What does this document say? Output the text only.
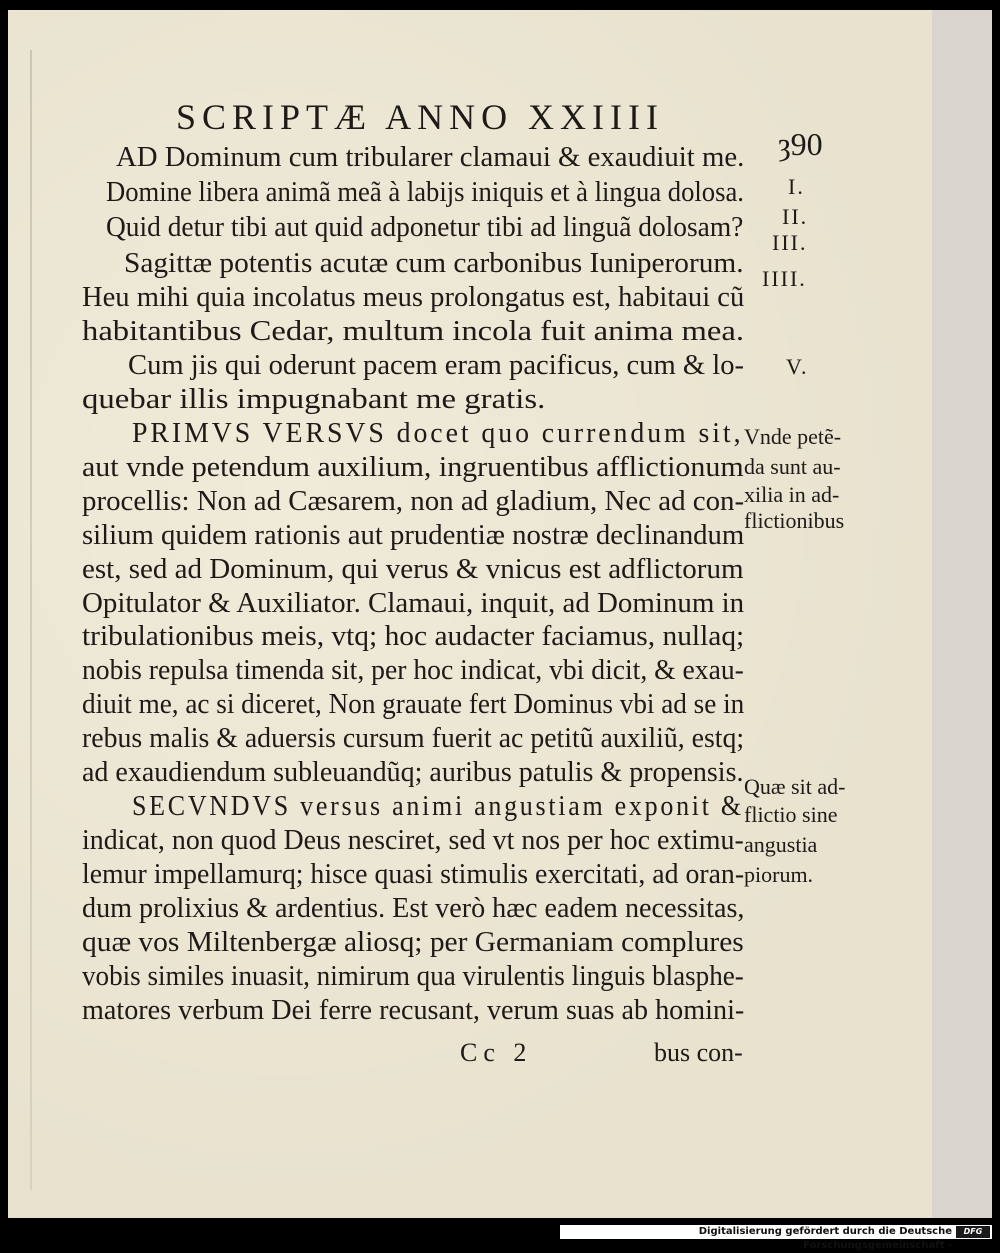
SCRIPTÆ ANNO XXIIII
ȝ90
AD Dominum cum tribularer clamaui & exaudiuit me.
Domine libera animã meã à labijs iniquis et à lingua dolosa.
Quid detur tibi aut quid adponetur tibi ad linguã dolosam?
Sagittæ potentis acutæ cum carbonibus Iuniperorum.
Heu mihi quia incolatus meus prolongatus est, habitaui cũ
habitantibus Cedar, multum incola fuit anima mea.
Cum jis qui oderunt pacem eram pacificus, cum & lo-
quebar illis impugnabant me gratis.
PRIMVS VERSVS docet quo currendum sit,
aut vnde petendum auxilium, ingruentibus afflictionum
procellis: Non ad Cæsarem, non ad gladium, Nec ad con-
silium quidem rationis aut prudentiæ nostræ declinandum
est, sed ad Dominum, qui verus & vnicus est adflictorum
Opitulator & Auxiliator. Clamaui, inquit, ad Dominum in
tribulationibus meis, vtq; hoc audacter faciamus, nullaq;
nobis repulsa timenda sit, per hoc indicat, vbi dicit, & exau-
diuit me, ac si diceret, Non grauate fert Dominus vbi ad se in
rebus malis & aduersis cursum fuerit ac petitũ auxiliũ, estq;
ad exaudiendum subleuandũq; auribus patulis & propensis.
SECVNDVS versus animi angustiam exponit &
indicat, non quod Deus nesciret, sed vt nos per hoc extimu-
lemur impellamurq; hisce quasi stimulis exercitati, ad oran-
dum prolixius & ardentius. Est verò hæc eadem necessitas,
quæ vos Miltenbergæ aliosq; per Germaniam complures
vobis similes inuasit, nimirum qua virulentis linguis blasphe-
matores verbum Dei ferre recusant, verum suas ab homini-
I.
II.
III.
IIII.
V.
Vnde petẽ-
da sunt au-
xilia in ad-
flictionibus
Quæ sit ad-
flictio sine
angustia
piorum.
Cc 2	bus con-
Digitalisierung gefördert durch die Deutsche Forschungsgemeinschaft -
DFG
